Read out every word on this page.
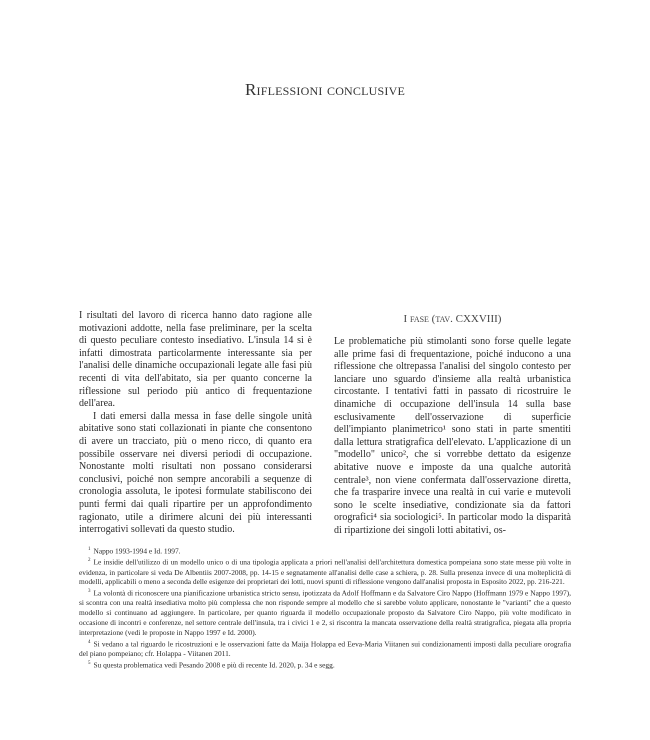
Riflessioni conclusive

I risultati del lavoro di ricerca hanno dato ragione alle motivazioni addotte, nella fase preliminare, per la scelta di questo peculiare contesto insediativo. L'insula 14 si è infatti dimostrata particolarmente interessante sia per l'analisi delle dinamiche occupazionali legate alle fasi più recenti di vita dell'abitato, sia per quanto concerne la riflessione sul periodo più antico di frequentazione dell'area.

I dati emersi dalla messa in fase delle singole unità abitative sono stati collazionati in piante che consentono di avere un tracciato, più o meno ricco, di quanto era possibile osservare nei diversi periodi di occupazione. Nonostante molti risultati non possano considerarsi conclusivi, poiché non sempre ancorabili a sequenze di cronologia assoluta, le ipotesi formulate stabiliscono dei punti fermi dai quali ripartire per un approfondimento ragionato, utile a dirimere alcuni dei più interessanti interrogativi sollevati da questo studio.

I fase (tav. CXXVIII)

Le problematiche più stimolanti sono forse quelle legate alle prime fasi di frequentazione, poiché inducono a una riflessione che oltrepassa l'analisi del singolo contesto per lanciare uno sguardo d'insieme alla realtà urbanistica circostante. I tentativi fatti in passato di ricostruire le dinamiche di occupazione dell'insula 14 sulla base esclusivamente dell'osservazione di superficie dell'impianto planimetrico¹ sono stati in parte smentiti dalla lettura stratigrafica dell'elevato. L'applicazione di un "modello" unico², che si vorrebbe dettato da esigenze abitative nuove e imposte da una qualche autorità centrale³, non viene confermata dall'osservazione diretta, che fa trasparire invece una realtà in cui varie e mutevoli sono le scelte insediative, condizionate sia da fattori orografici⁴ sia sociologici⁵. In particolar modo la disparità di ripartizione dei singoli lotti abitativi, os-

$^1$ Nappo 1993-1994 e Id. 1997.

$^2$ Le insidie dell'utilizzo di un modello unico o di una tipologia applicata a priori nell'analisi dell'architettura domestica pompeiana sono state messe più volte in evidenza, in particolare si veda De Albentiis 2007-2008, pp. 14-15 e segnatamente all'analisi delle case a schiera, p. 28. Sulla presenza invece di una molteplicità di modelli, applicabili o meno a seconda delle esigenze dei proprietari dei lotti, nuovi spunti di riflessione vengono dall'analisi proposta in Esposito 2022, pp. 216-221.

$^3$ La volontà di riconoscere una pianificazione urbanistica stricto sensu, ipotizzata da Adolf Hoffmann e da Salvatore Ciro Nappo (Hoffmann 1979 e Nappo 1997), si scontra con una realtà insediativa molto più complessa che non risponde sempre al modello che si sarebbe voluto applicare, nonostante le "varianti" che a questo modello si continuano ad aggiungere. In particolare, per quanto riguarda il modello occupazionale proposto da Salvatore Ciro Nappo, più volte modificato in occasione di incontri e conferenze, nel settore centrale dell'insula, tra i civici 1 e 2, si riscontra la mancata osservazione della realtà stratigrafica, piegata alla propria interpretazione (vedi le proposte in Nappo 1997 e Id. 2000).

$^4$ Si vedano a tal riguardo le ricostruzioni e le osservazioni fatte da Maija Holappa ed Eeva-Maria Viitanen sui condizionamenti imposti dalla peculiare orografia del piano pompeiano; cfr. Holappa - Viitanen 2011.

$^5$ Su questa problematica vedi Pesando 2008 e più di recente Id. 2020, p. 34 e segg.
